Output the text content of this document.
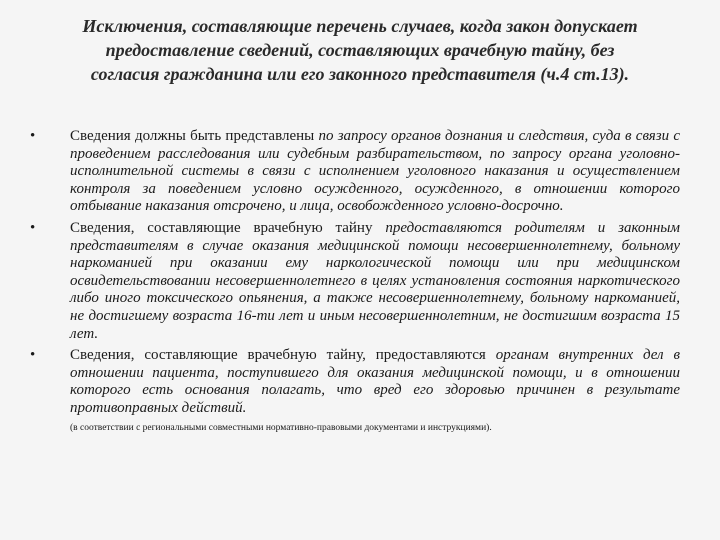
Исключения, составляющие перечень случаев, когда закон допускает
предоставление сведений, составляющих врачебную тайну, без
согласия гражданина или его законного представителя (ч.4 ст.13).
•	Сведения должны быть представлены по запросу органов дознания и следствия, суда в связи с проведением расследования или судебным разбирательством, по запросу органа уголовно-исполнительной системы в связи с исполнением уголовного наказания и осуществлением контроля за поведением условно осужденного, осужденного, в отношении которого отбывание наказания отсрочено, и лица, освобожденного условно-досрочно.
•	Сведения, составляющие врачебную тайну предоставляются родителям и законным представителям в случае оказания медицинской помощи несовершеннолетнему, больному наркоманией при оказании ему наркологической помощи или при медицинском освидетельствовании несовершеннолетнего в целях установления состояния наркотического либо иного токсического опьянения, а также несовершеннолетнему, больному наркоманией, не достигшему возраста 16-ти лет и иным несовершеннолетним, не достигшим возраста 15 лет.
•	Сведения, составляющие врачебную тайну, предоставляются органам внутренних дел в отношении пациента, поступившего для оказания медицинской помощи, и в отношении которого есть основания полагать, что вред его здоровью причинен в результате противоправных действий.
(в соответствии с региональными совместными нормативно-правовыми документами и инструкциями).
